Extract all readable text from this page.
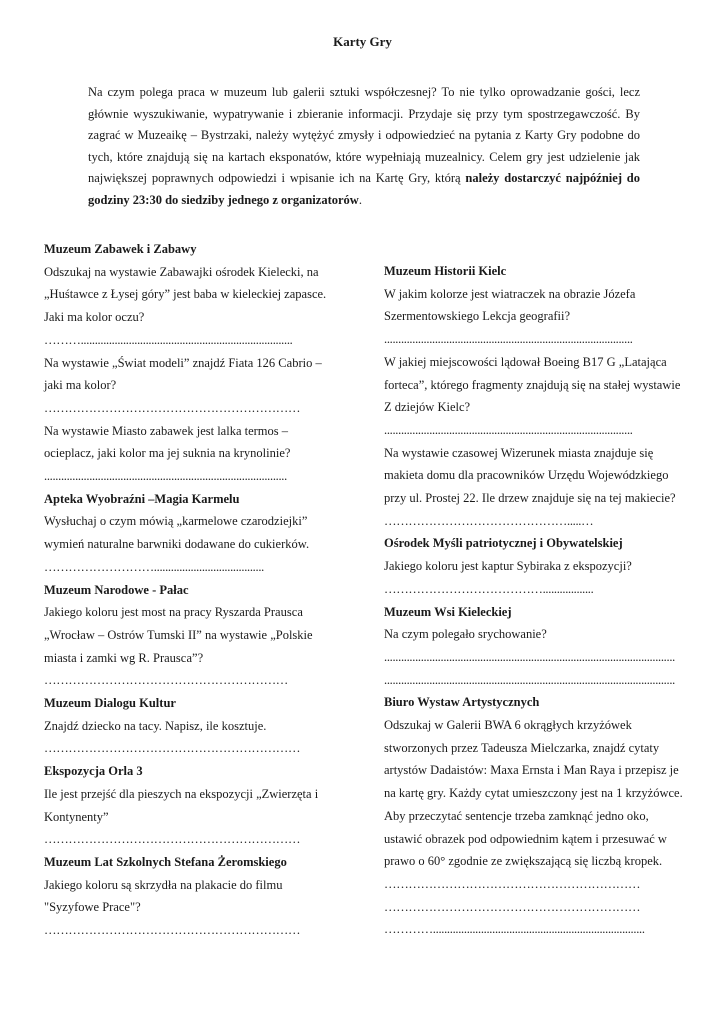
Karty Gry
Na czym polega praca w muzeum lub galerii sztuki współczesnej? To nie tylko oprowadzanie gości, lecz głównie wyszukiwanie, wypatrywanie i zbieranie informacji. Przydaje się przy tym spostrzegawczość. By zagrać w Muzeaikę – Bystrzaki, należy wytężyć zmysły i odpowiedzieć na pytania z Karty Gry podobne do tych, które znajdują się na kartach eksponatów, które wypełniają muzealnicy. Celem gry jest udzielenie jak największej poprawnych odpowiedzi i wpisanie ich na Kartę Gry, którą należy dostarczyć najpóźniej do godziny 23:30 do siedziby jednego z organizatorów.
Muzeum Zabawek i Zabawy
Odszukaj na wystawie Zabawajki ośrodek Kielecki, na
„Huśtawce z Łysej góry” jest baba w kieleckiej zapasce.
Jaki ma kolor oczu?
………...........................................................................
Na wystawie „Świat modeli” znajdź Fiata 126 Cabrio –
jaki ma kolor?
………………………………………………………
Na wystawie Miasto zabawek jest lalka termos –
ocieplacz, jaki kolor ma jej suknia na krynolinie?
......................................................................................
Apteka Wyobraźni –Magia Karmelu
Wysłuchaj o czym mówią „karmelowe czarodziejki”
wymień naturalne barwniki dodawane do cukierków.
……………………….......................................
Muzeum Narodowe - Pałac
Jakiego koloru jest most na pracy Ryszarda Prausса
„Wrocław – Ostrów Tumski II” na wystawie „Polskie
miasta i zamki wg R. Prausса”?
……………………………………………………
Muzeum Dialogu Kultur
Znajdź dziecko na tacy. Napisz, ile kosztuje.
………………………………………………………
Ekspozycja Orla 3
Ile jest przejść dla pieszych na ekspozycji „Zwierzęta i
Kontynenty”
………………………………………………………
Muzeum Lat Szkolnych Stefana Żeromskiego
Jakiego koloru są skrzydła na plakacie do filmu
"Syzyfowe Prace"?
………………………………………………………
Muzeum Historii Kielc
W jakim kolorze jest wiatraczek na obrazie Józefa
Szermentowskiego Lekcja geografii?
........................................................................................
W jakiej miejscowości lądował Boeing B17 G „Latająca
forteca”, którego fragmenty znajdują się na stałej wystawie
Z dziejów Kielc?
........................................................................................
Na wystawie czasowej Wizerunek miasta znajduje się
makieta domu dla pracowników Urzędu Wojewódzkiego
przy ul. Prostej 22. Ile drzew znajduje się na tej makiecie?
……………………………………….....…
Ośrodek Myśli patriotycznej i Obywatelskiej
Jakiego koloru jest kaptur Sybiraka z ekspozycji?
…………………………………..................
Muzeum Wsi Kieleckiej
Na czym polegało srychowanie?
.......................................................................................................
.......................................................................................................
Biuro Wystaw Artystycznych
Odszukaj w Galerii BWA 6 okrągłych krzyżówek
stworzonych przez Tadeusza Mielczarka, znajdź cytaty
artystów Dadaistów: Maxa Ernsta i Man Raya i przepisz je
na kartę gry. Każdy cytat umieszczony jest na 1 krzyżówce.
Aby przeczytać sentencje trzeba zamknąć jedno oko,
ustawić obrazek pod odpowiednim kątem i przesuwać w
prawo o 60° zgodnie ze zwiększającą się liczbą kropek.
………………………………………………………
………………………………………………………
…………...........................................................................
